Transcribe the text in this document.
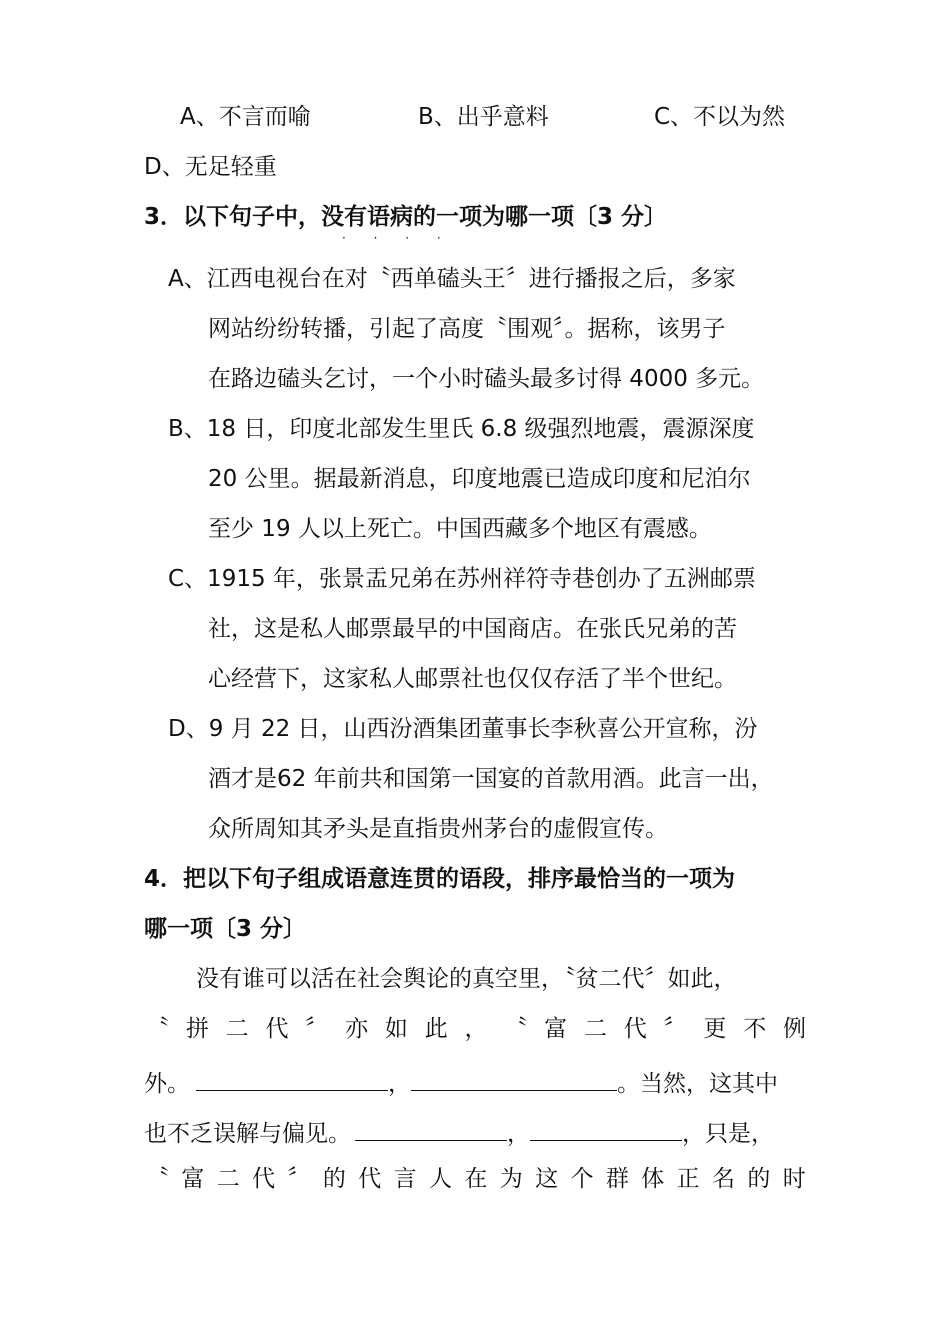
A、不言而喻	B、出乎意料	C、不以为然
D、无足轻重
3．以下句子中，没有语病的一项为哪一项〔3 分〕
· · · ·
A、江西电视台在对〝西单磕头王〞进行播报之后，多家
网站纷纷转播，引起了高度〝围观〞。据称，该男子
在路边磕头乞讨，一个小时磕头最多讨得 4000 多元。
B、18 日，印度北部发生里氏 6.8 级强烈地震，震源深度
20 公里。据最新消息，印度地震已造成印度和尼泊尔
至少 19 人以上死亡。中国西藏多个地区有震感。
C、1915 年，张景盂兄弟在苏州祥符寺巷创办了五洲邮票
社，这是私人邮票最早的中国商店。在张氏兄弟的苦
心经营下，这家私人邮票社也仅仅存活了半个世纪。
D、9 月 22 日，山西汾酒集团董事长李秋喜公开宣称，汾
酒才是62 年前共和国第一国宴的首款用酒。此言一出，
众所周知其矛头是直指贵州茅台的虚假宣传。
4．把以下句子组成语意连贯的语段，排序最恰当的一项为
哪一项〔3 分〕
没有谁可以活在社会舆论的真空里，〝贫二代〞如此，
〝 拼 二 代 〞 亦 如 此 ， 〝 富 二 代 〞 更 不 例
外。	，	。当然，这其中
也不乏误解与偏见。	，	，只是，
〝 富 二 代 〞 的 代 言 人 在 为 这 个 群 体 正 名 的 时
